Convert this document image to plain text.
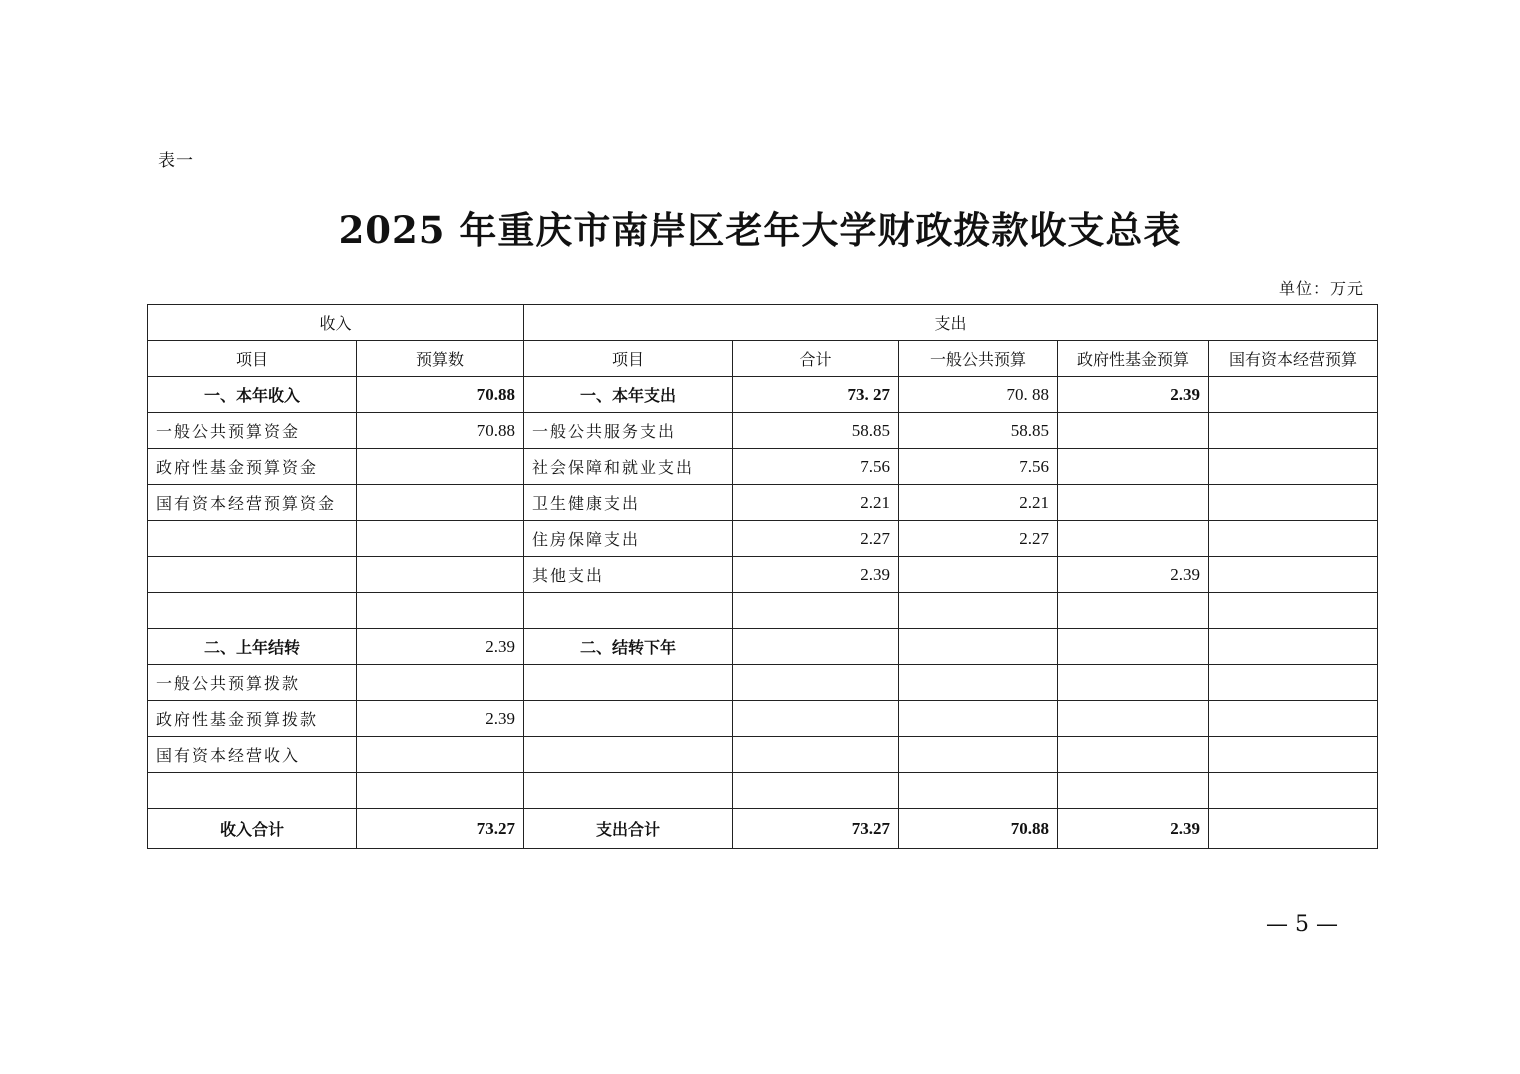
表一
2025 年重庆市南岸区老年大学财政拨款收支总表
单位：万元
收入		支出				
项目	预算数	项目	合计	一般公共预算	政府性基金预算	国有资本经营预算
一、本年收入	70.88	一、本年支出	73. 27	70. 88	2.39	
一般公共预算资金	70.88	一般公共服务支出	58.85	58.85		
政府性基金预算资金		社会保障和就业支出	7.56	7.56		
国有资本经营预算资金		卫生健康支出	2.21	2.21		
		住房保障支出	2.27	2.27		
		其他支出	2.39		2.39	

二、上年结转	2.39	二、结转下年				
一般公共预算拨款						
政府性基金预算拨款	2.39					
国有资本经营收入						

收入合计	73.27	支出合计	73.27	70.88	2.39	
— 5 —
